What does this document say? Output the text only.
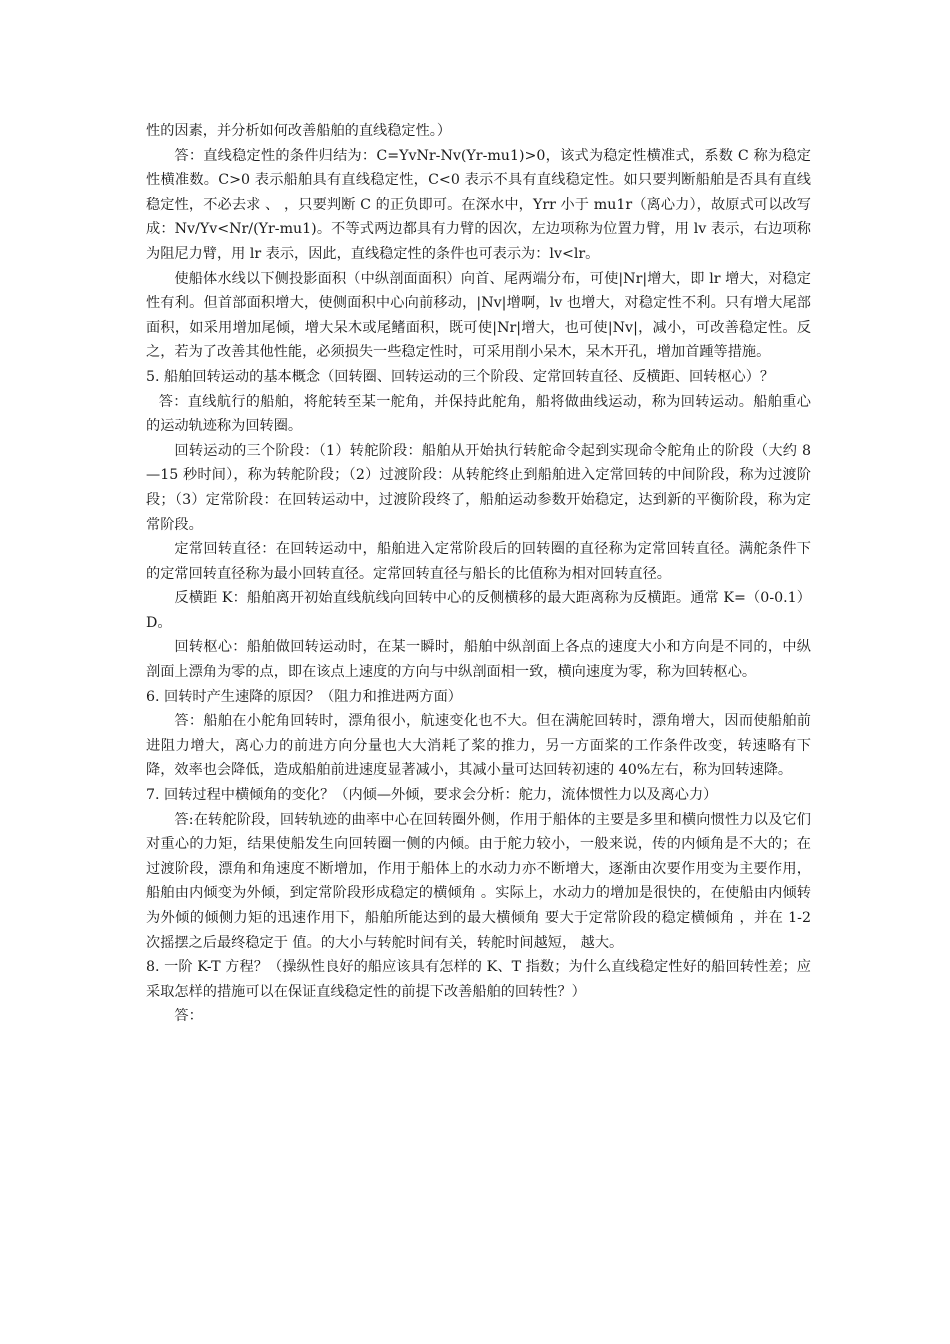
性的因素，并分析如何改善船舶的直线稳定性。）

答：直线稳定性的条件归结为：C=YvNr-Nv(Yr-mu1)>0，该式为稳定性横准式，系数 C 称为稳定性横准数。C>0 表示船舶具有直线稳定性，C<0 表示不具有直线稳定性。如只要判断船舶是否具有直线稳定性，不必去求 、 ，只要判断 C 的正负即可。在深水中，Yrr 小于 mu1r（离心力），故原式可以改写成：Nv/Yv<Nr/(Yr-mu1)。不等式两边都具有力臂的因次，左边项称为位置力臂，用 lv 表示，右边项称为阻尼力臂，用 lr 表示，因此，直线稳定性的条件也可表示为：lv<lr。

使船体水线以下侧投影面积（中纵剖面面积）向首、尾两端分布，可使|Nr|增大，即 lr 增大，对稳定性有利。但首部面积增大，使侧面积中心向前移动，|Nv|增啊，lv 也增大，对稳定性不利。只有增大尾部面积，如采用增加尾倾，增大呆木或尾鳍面积，既可使|Nr|增大，也可使|Nv|，减小，可改善稳定性。反之，若为了改善其他性能，必须损失一些稳定性时，可采用削小呆木，呆木开孔，增加首踵等措施。

5. 船舶回转运动的基本概念（回转圈、回转运动的三个阶段、定常回转直径、反横距、回转枢心）？

答：直线航行的船舶，将舵转至某一舵角，并保持此舵角，船将做曲线运动，称为回转运动。船舶重心的运动轨迹称为回转圈。

回转运动的三个阶段：（1）转舵阶段：船舶从开始执行转舵命令起到实现命令舵角止的阶段（大约 8—15 秒时间），称为转舵阶段；（2）过渡阶段：从转舵终止到船舶进入定常回转的中间阶段，称为过渡阶段；（3）定常阶段：在回转运动中，过渡阶段终了，船舶运动参数开始稳定，达到新的平衡阶段，称为定常阶段。

定常回转直径：在回转运动中，船舶进入定常阶段后的回转圈的直径称为定常回转直径。满舵条件下的定常回转直径称为最小回转直径。定常回转直径与船长的比值称为相对回转直径。

反横距 K：船舶离开初始直线航线向回转中心的反侧横移的最大距离称为反横距。通常 K=（0-0.1）D。

回转枢心：船舶做回转运动时，在某一瞬时，船舶中纵剖面上各点的速度大小和方向是不同的，中纵剖面上漂角为零的点，即在该点上速度的方向与中纵剖面相一致，横向速度为零，称为回转枢心。

6. 回转时产生速降的原因？（阻力和推进两方面）

答：船舶在小舵角回转时，漂角很小，航速变化也不大。但在满舵回转时，漂角增大，因而使船舶前进阻力增大，离心力的前进方向分量也大大消耗了桨的推力，另一方面桨的工作条件改变，转速略有下降，效率也会降低，造成船舶前进速度显著减小，其减小量可达回转初速的 40%左右，称为回转速降。

7. 回转过程中横倾角的变化？（内倾—外倾，要求会分析：舵力，流体惯性力以及离心力）

答:在转舵阶段，回转轨迹的曲率中心在回转圈外侧，作用于船体的主要是多里和横向惯性力以及它们对重心的力矩，结果使船发生向回转圈一侧的内倾。由于舵力较小，一般来说，传的内倾角是不大的；在过渡阶段，漂角和角速度不断增加，作用于船体上的水动力亦不断增大，逐渐由次要作用变为主要作用，船舶由内倾变为外倾，到定常阶段形成稳定的横倾角 。实际上，水动力的增加是很快的，在使船由内倾转为外倾的倾侧力矩的迅速作用下，船舶所能达到的最大横倾角 要大于定常阶段的稳定横倾角 ，并在 1-2 次摇摆之后最终稳定于 值。的大小与转舵时间有关，转舵时间越短， 越大。

8. 一阶 K-T 方程？（操纵性良好的船应该具有怎样的 K、T 指数；为什么直线稳定性好的船回转性差；应采取怎样的措施可以在保证直线稳定性的前提下改善船舶的回转性？）

答：
